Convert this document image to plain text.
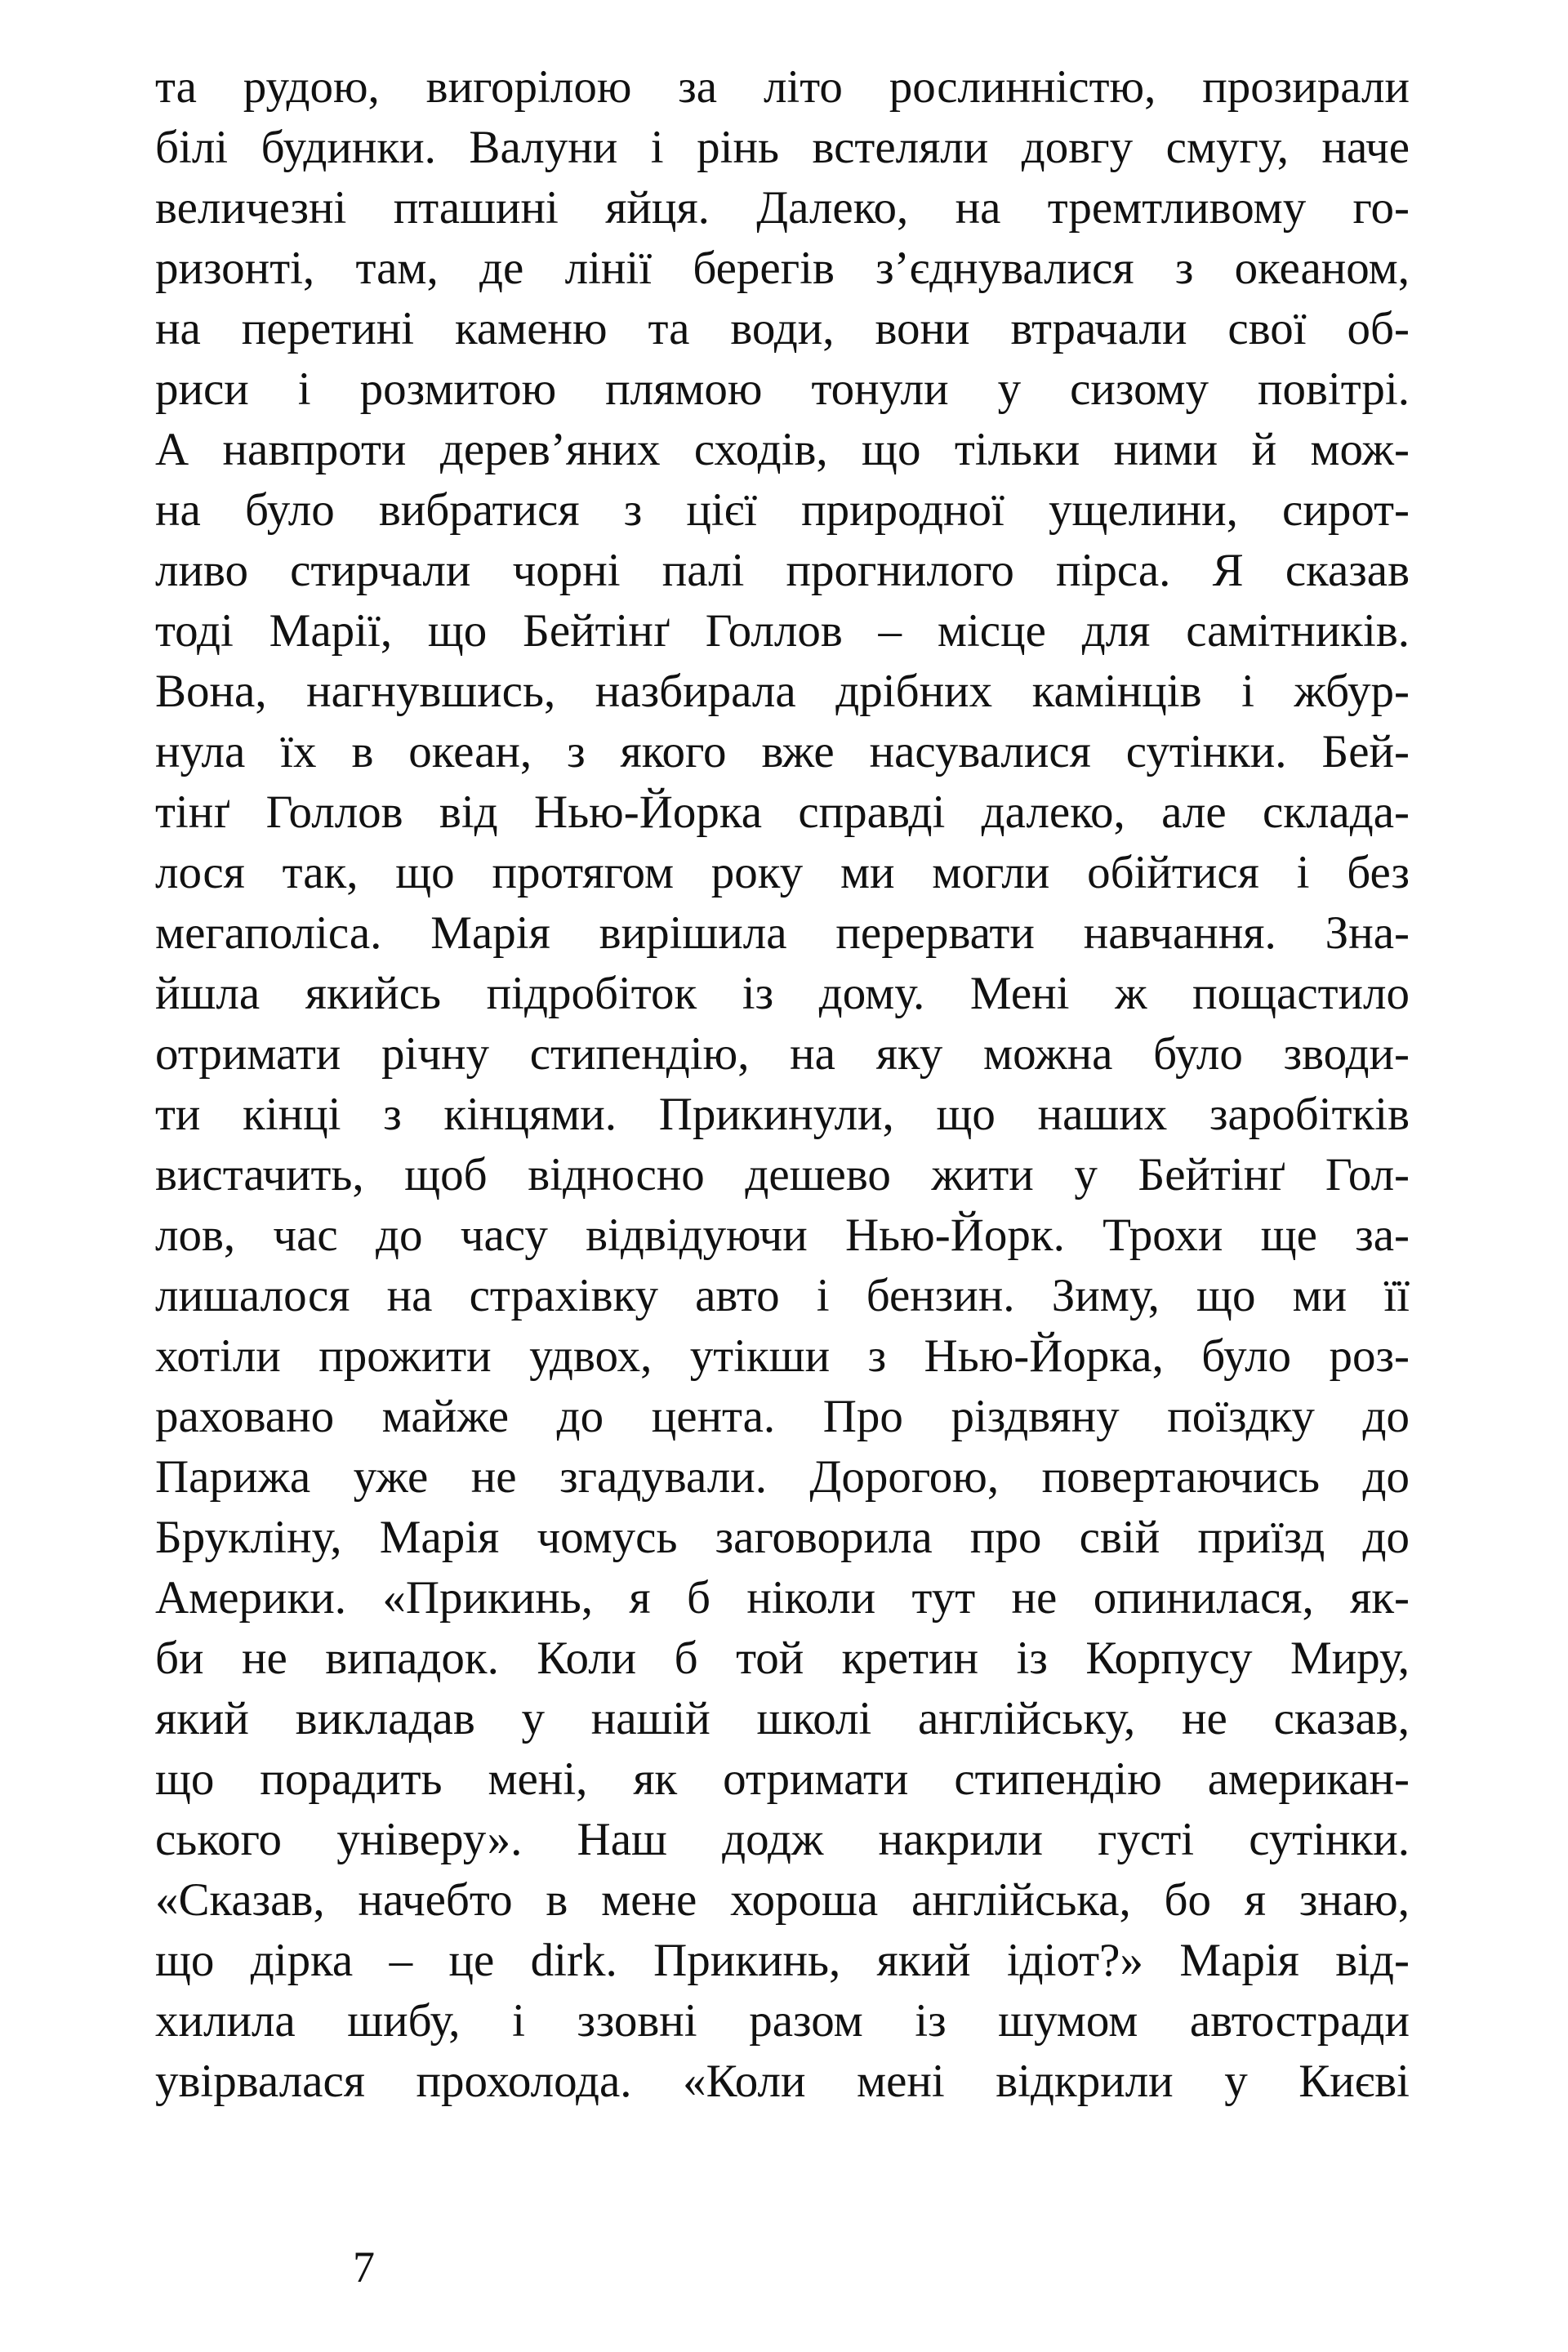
та рудою, вигорілою за літо рослинністю, прозирали
білі будинки. Валуни і рінь встеляли довгу смугу, наче
величезні пташині яйця. Далеко, на тремтливому го-
ризонті, там, де лінії берегів з’єднувалися з океаном,
на перетині каменю та води, вони втрачали свої об-
риси і розмитою плямою тонули у сизому повітрі.
А навпроти дерев’яних сходів, що тільки ними й мож-
на було вибратися з цієї природної ущелини, сирот-
ливо стирчали чорні палі прогнилого пірса. Я сказав
тоді Марії, що Бейтінґ Голлов – місце для самітників.
Вона, нагнувшись, назбирала дрібних камінців і жбур-
нула їх в океан, з якого вже насувалися сутінки. Бей-
тінґ Голлов від Нью-Йорка справді далеко, але склада-
лося так, що протягом року ми могли обійтися і без
мегаполіса. Марія вирішила перервати навчання. Зна-
йшла якийсь підробіток із дому. Мені ж пощастило
отримати річну стипендію, на яку можна було зводи-
ти кінці з кінцями. Прикинули, що наших заробітків
вистачить, щоб відносно дешево жити у Бейтінґ Гол-
лов, час до часу відвідуючи Нью-Йорк. Трохи ще за-
лишалося на страхівку авто і бензин. Зиму, що ми її
хотіли прожити удвох, утікши з Нью-Йорка, було роз-
раховано майже до цента. Про різдвяну поїздку до
Парижа уже не згадували. Дорогою, повертаючись до
Брукліну, Марія чомусь заговорила про свій приїзд до
Америки. «Прикинь, я б ніколи тут не опинилася, як-
би не випадок. Коли б той кретин із Корпусу Миру,
який викладав у нашій школі англійську, не сказав,
що порадить мені, як отримати стипендію американ-
ського універу». Наш додж накрили густі сутінки.
«Сказав, начебто в мене хороша англійська, бо я знаю,
що дірка – це dirk. Прикинь, який ідіот?» Марія від-
хилила шибу, і ззовні разом із шумом автостради
увірвалася прохолода. «Коли мені відкрили у Києві
7
